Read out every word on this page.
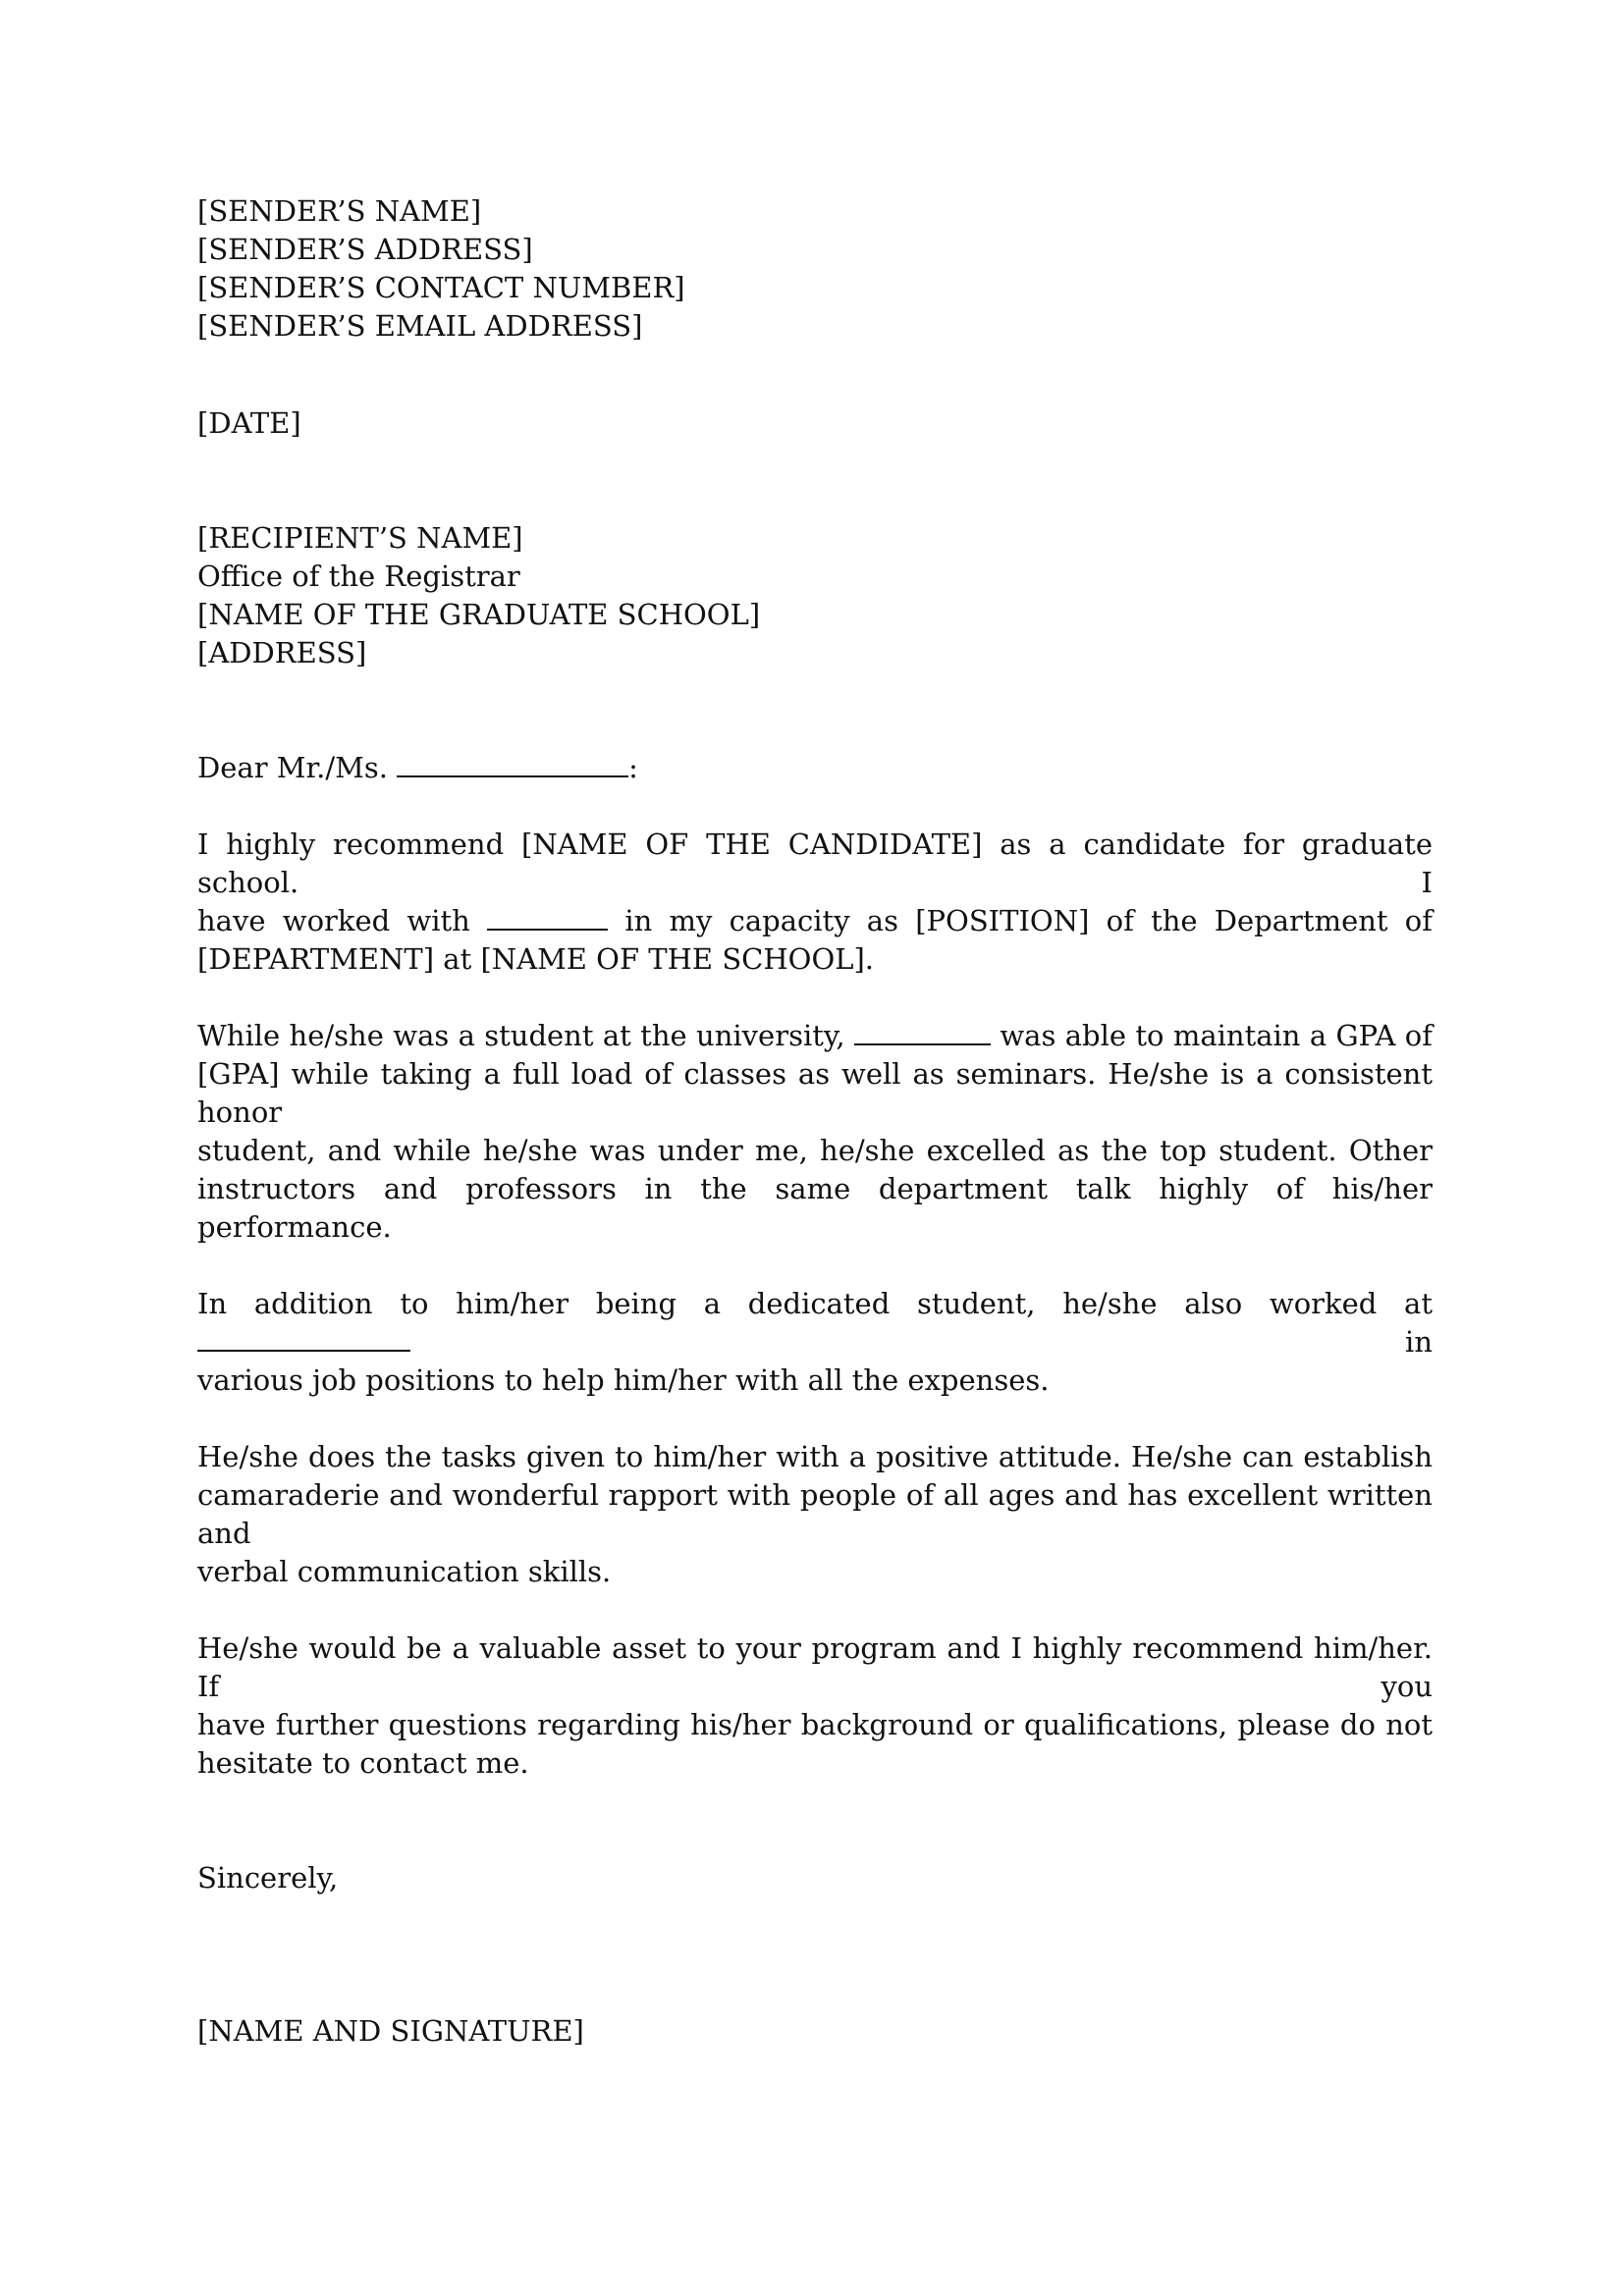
[SENDER’S NAME]
[SENDER’S ADDRESS]
[SENDER’S CONTACT NUMBER]
[SENDER’S EMAIL ADDRESS]
[DATE]
[RECIPIENT’S NAME]
Office of the Registrar
[NAME OF THE GRADUATE SCHOOL]
[ADDRESS]
Dear Mr./Ms.	:
I highly recommend [NAME OF THE CANDIDATE] as a candidate for graduate school. I
have worked with	in my capacity as [POSITION] of the Department of
[DEPARTMENT] at [NAME OF THE SCHOOL].
While he/she was a student at the university,	was able to maintain a GPA of
[GPA] while taking a full load of classes as well as seminars. He/she is a consistent honor
student, and while he/she was under me, he/she excelled as the top student. Other
instructors and professors in the same department talk highly of his/her performance.
In addition to him/her being a dedicated student, he/she also worked at  in
various job positions to help him/her with all the expenses.
He/she does the tasks given to him/her with a positive attitude. He/she can establish
camaraderie and wonderful rapport with people of all ages and has excellent written and
verbal communication skills.
He/she would be a valuable asset to your program and I highly recommend him/her. If you
have further questions regarding his/her background or qualifications, please do not
hesitate to contact me.
Sincerely,
[NAME AND SIGNATURE]
